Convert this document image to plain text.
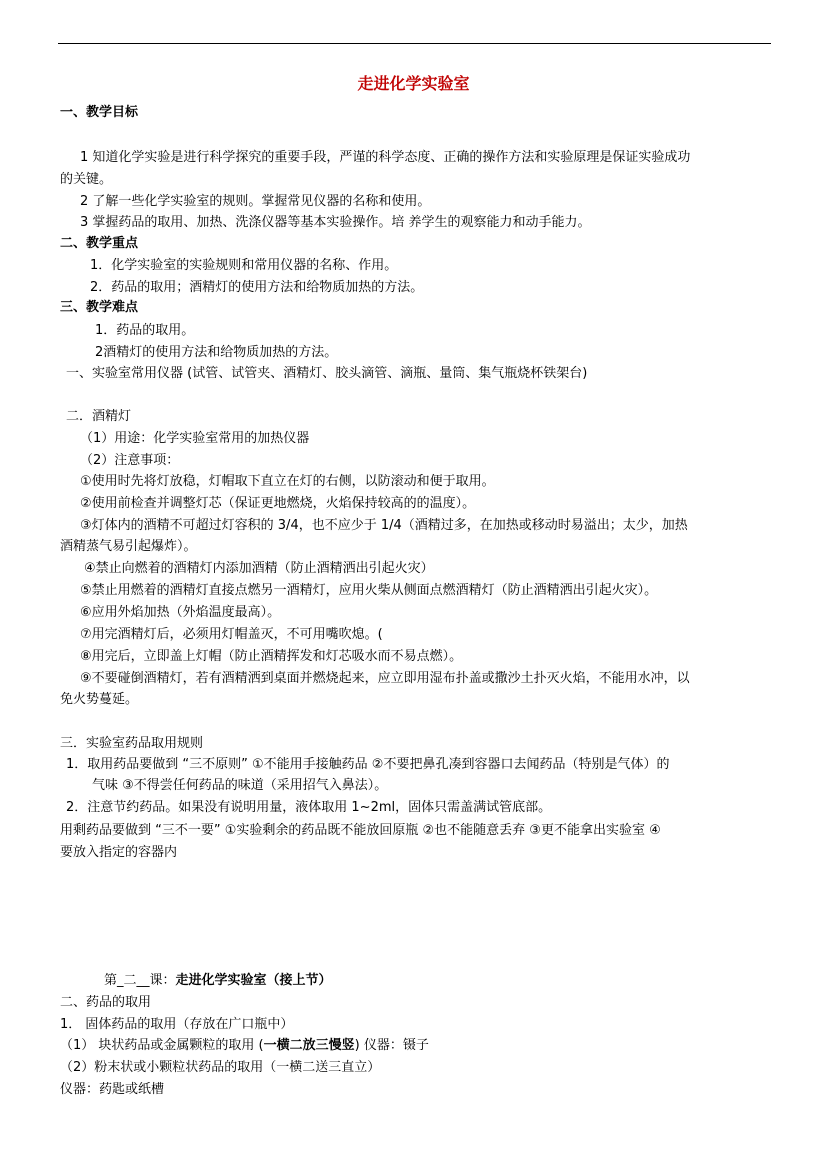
走进化学实验室
一、教学目标
1 知道化学实验是进行科学探究的重要手段，严谨的科学态度、正确的操作方法和实验原理是保证实验成功
的关键。
2 了解一些化学实验室的规则。掌握常见仪器的名称和使用。
3 掌握药品的取用、加热、洗涤仪器等基本实验操作。培 养学生的观察能力和动手能力。
二、教学重点
1．化学实验室的实验规则和常用仪器的名称、作用。
2．药品的取用；酒精灯的使用方法和给物质加热的方法。
三、教学难点
1．药品的取用。
2酒精灯的使用方法和给物质加热的方法。
一、实验室常用仪器 (试管、试管夹、酒精灯、胶头滴管、滴瓶、量筒、集气瓶烧杯铁架台)
二．酒精灯
（1）用途：化学实验室常用的加热仪器
（2）注意事项：
①使用时先将灯放稳，灯帽取下直立在灯的右侧，以防滚动和便于取用。
②使用前检查并调整灯芯（保证更地燃烧，火焰保持较高的的温度）。
③灯体内的酒精不可超过灯容积的 3/4，也不应少于 1/4（酒精过多，在加热或移动时易溢出；太少，加热
酒精蒸气易引起爆炸）。
④禁止向燃着的酒精灯内添加酒精（防止酒精洒出引起火灾）
⑤禁止用燃着的酒精灯直接点燃另一酒精灯，应用火柴从侧面点燃酒精灯（防止酒精洒出引起火灾）。
⑥应用外焰加热（外焰温度最高）。
⑦用完酒精灯后，必须用灯帽盖灭，不可用嘴吹熄。(
⑧用完后，立即盖上灯帽（防止酒精挥发和灯芯吸水而不易点燃）。
⑨不要碰倒酒精灯，若有酒精洒到桌面并燃烧起来，应立即用湿布扑盖或撒沙土扑灭火焰，不能用水冲，以
免火势蔓延。
三．实验室药品取用规则
1．取用药品要做到 “三不原则” ①不能用手接触药品 ②不要把鼻孔凑到容器口去闻药品（特别是气体）的
气味 ③不得尝任何药品的味道（采用招气入鼻法）。
2．注意节约药品。如果没有说明用量，液体取用 1~2ml，固体只需盖满试管底部。
用剩药品要做到 “三不一要” ①实验剩余的药品既不能放回原瓶 ②也不能随意丢弃 ③更不能拿出实验室 ④
要放入指定的容器内
第_二__课：走进化学实验室（接上节）
二、药品的取用
1． 固体药品的取用（存放在广口瓶中）
（1） 块状药品或金属颗粒的取用 (一横二放三慢竖) 仪器：镊子
（2）粉末状或小颗粒状药品的取用（一横二送三直立）
仪器：药匙或纸槽
